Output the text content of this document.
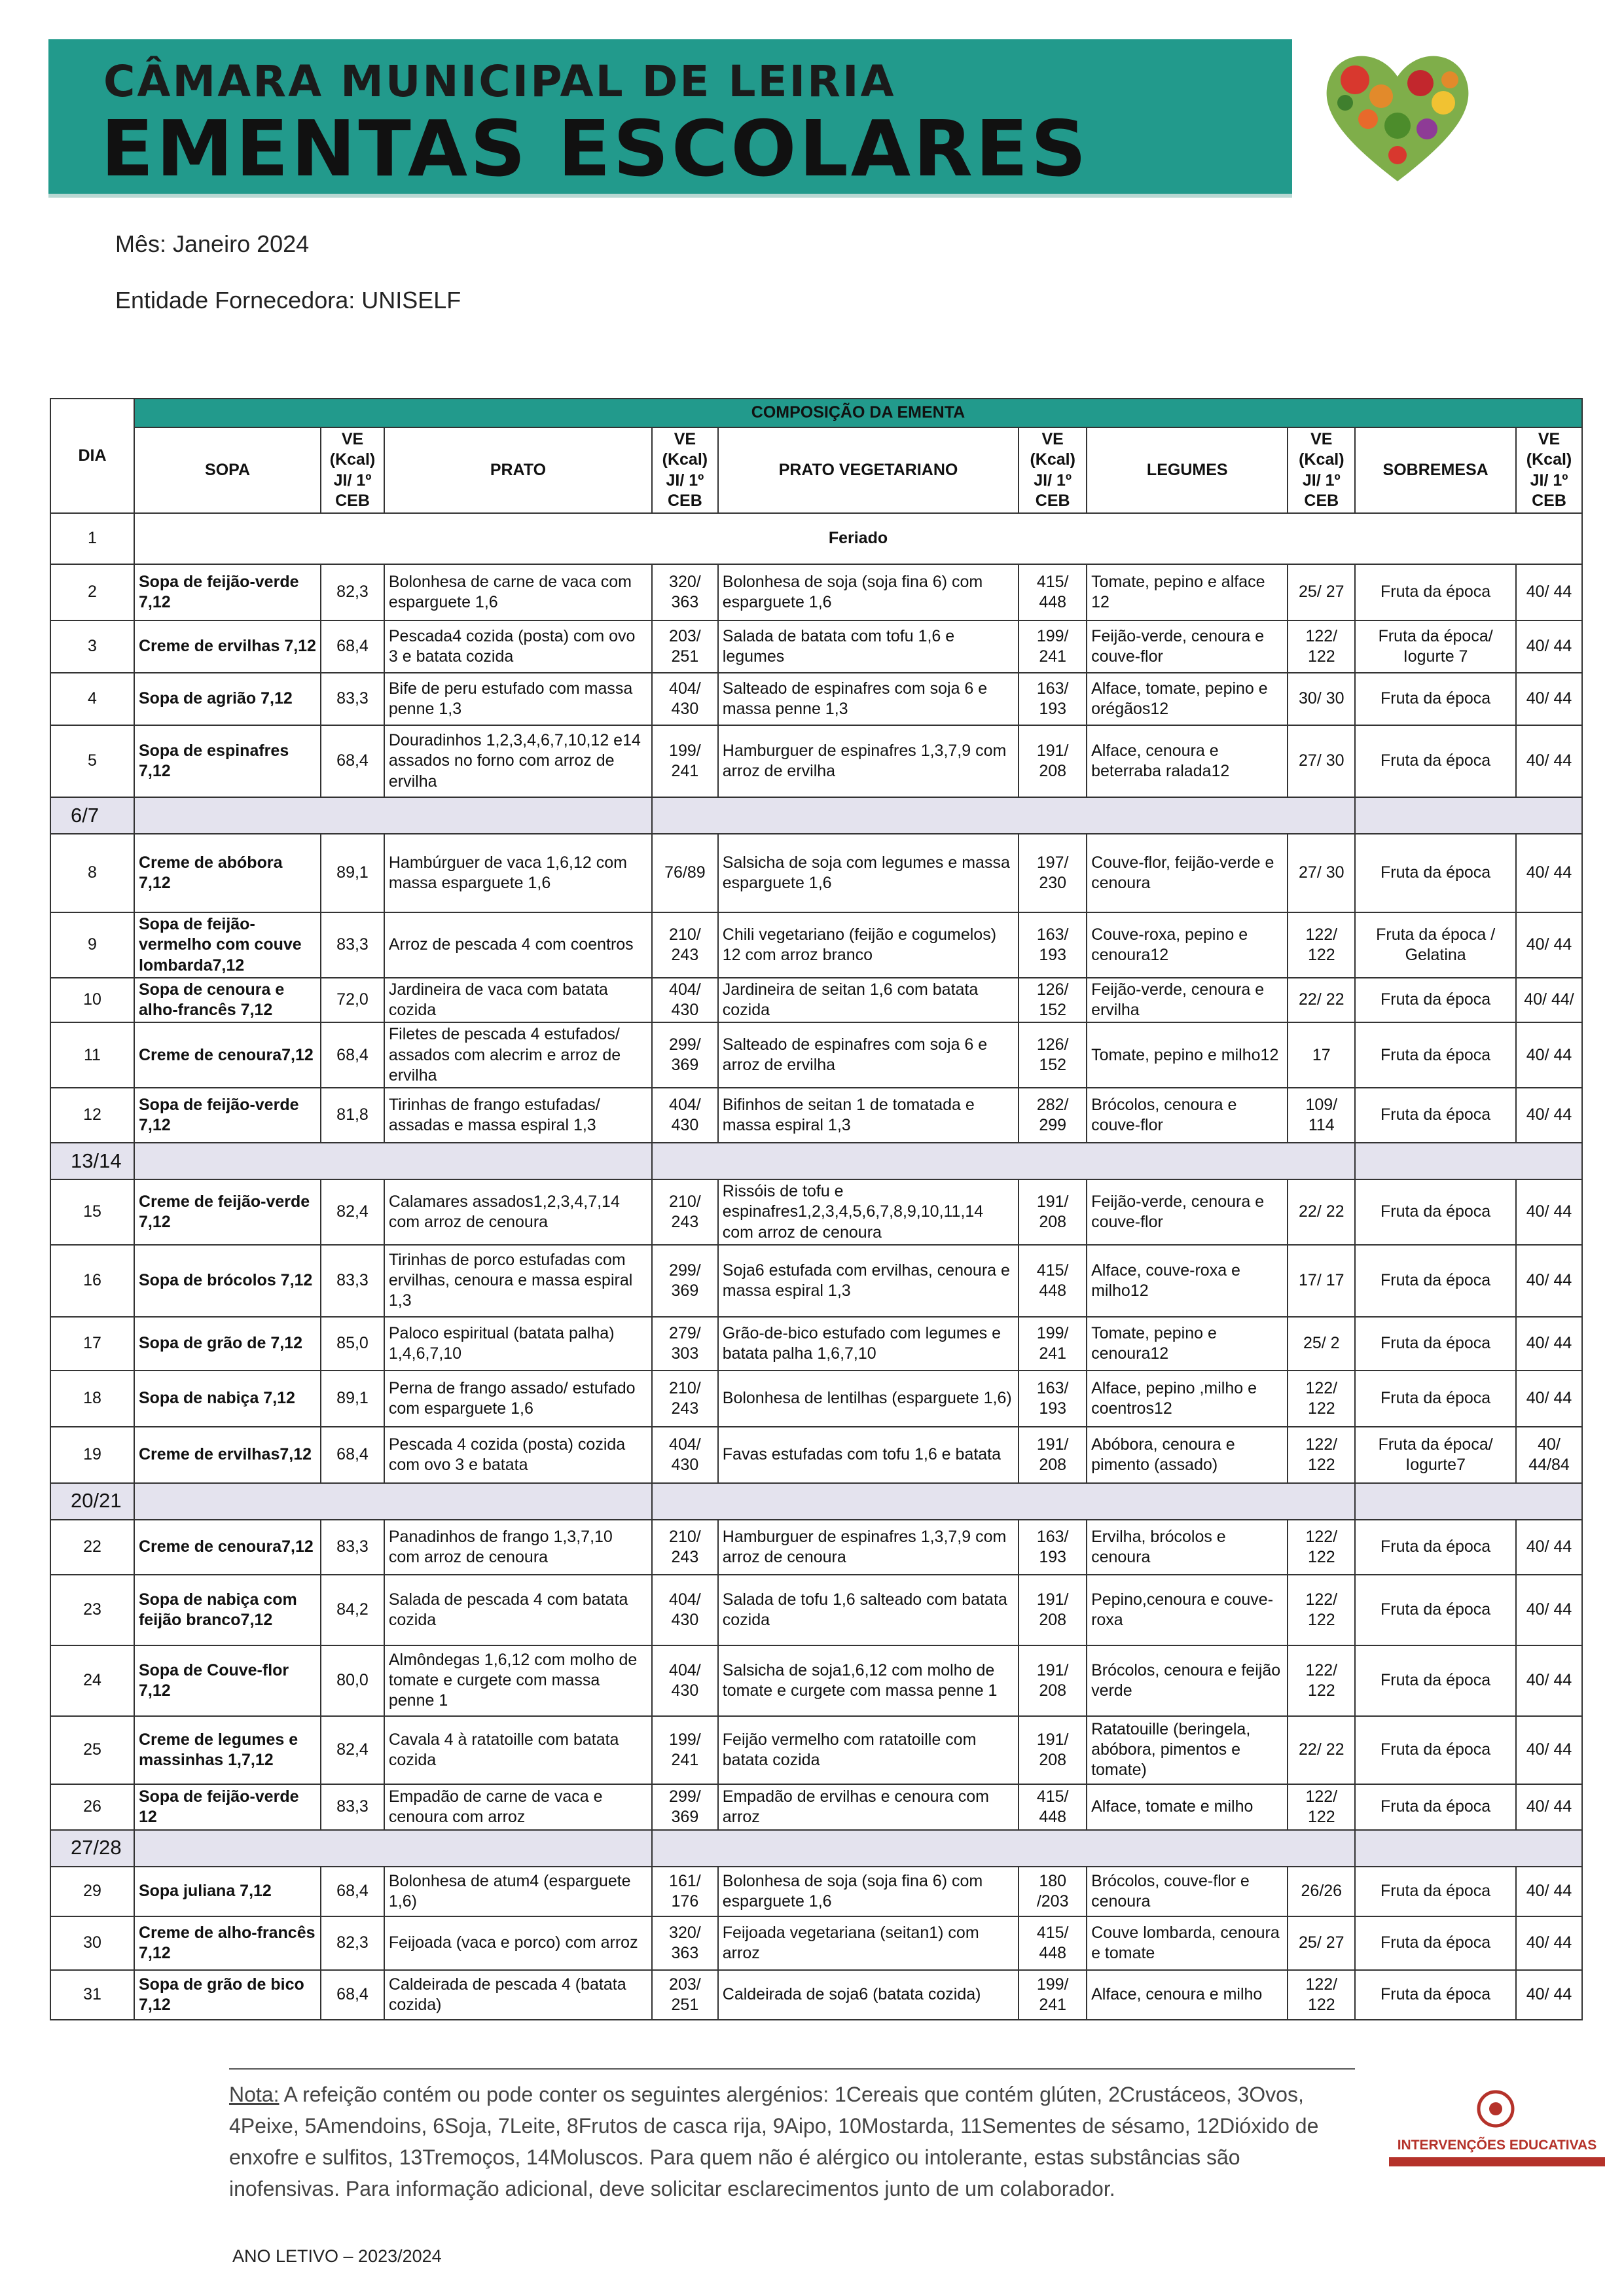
CÂMARA MUNICIPAL DE LEIRIA
EMENTAS ESCOLARES
Mês: Janeiro 2024
Entidade Fornecedora: UNISELF
DIA	COMPOSIÇÃO DA EMENTA									
	SOPA	VE (Kcal) JI/ 1º CEB	PRATO	VE (Kcal) JI/ 1º CEB	PRATO VEGETARIANO	VE (Kcal) JI/ 1º CEB	LEGUMES	VE (Kcal) JI/ 1º CEB	SOBREMESA	VE (Kcal) JI/ 1º CEB
1	Feriado									
2	Sopa de feijão-verde 7,12	82,3	Bolonhesa de carne de vaca com esparguete 1,6	320/ 363	Bolonhesa de soja (soja fina 6) com esparguete 1,6	415/ 448	Tomate, pepino e alface 12	25/ 27	Fruta da época	40/ 44
3	Creme de ervilhas 7,12	68,4	Pescada4 cozida (posta) com ovo 3 e batata cozida	203/ 251	Salada de batata com tofu 1,6 e legumes	199/ 241	Feijão-verde, cenoura e couve-flor	122/ 122	Fruta da época/ Iogurte 7	40/ 44
4	Sopa de agrião 7,12	83,3	Bife de peru estufado com massa penne 1,3	404/ 430	Salteado de espinafres com soja 6 e massa penne 1,3	163/ 193	Alface, tomate, pepino e orégãos12	30/ 30	Fruta da época	40/ 44
5	Sopa de espinafres 7,12	68,4	Douradinhos 1,2,3,4,6,7,10,12 e14 assados no forno com arroz de ervilha	199/ 241	Hamburguer de espinafres 1,3,7,9 com arroz de ervilha	191/ 208	Alface, cenoura e beterraba ralada12	27/ 30	Fruta da época	40/ 44
6/7										
8	Creme de abóbora 7,12	89,1	Hambúrguer de vaca 1,6,12 com massa esparguete 1,6	76/89	Salsicha de soja com legumes e massa esparguete 1,6	197/ 230	Couve-flor, feijão-verde e cenoura	27/ 30	Fruta da época	40/ 44
9	Sopa de feijão-vermelho com couve lombarda7,12	83,3	Arroz de pescada 4 com coentros	210/ 243	Chili vegetariano (feijão e cogumelos) 12 com arroz branco	163/ 193	Couve-roxa, pepino e cenoura12	122/ 122	Fruta da época / Gelatina	40/ 44
10	Sopa de cenoura e alho-francês 7,12	72,0	Jardineira de vaca com batata cozida	404/ 430	Jardineira de seitan 1,6 com batata cozida	126/ 152	Feijão-verde, cenoura e ervilha	22/ 22	Fruta da época	40/ 44/
11	Creme de cenoura7,12	68,4	Filetes de pescada 4 estufados/ assados com alecrim e arroz de ervilha	299/ 369	Salteado de espinafres com soja 6 e arroz de ervilha	126/ 152	Tomate, pepino e milho12	17	Fruta da época	40/ 44
12	Sopa de feijão-verde 7,12	81,8	Tirinhas de frango estufadas/ assadas e massa espiral 1,3	404/ 430	Bifinhos de seitan 1 de tomatada e massa espiral 1,3	282/ 299	Brócolos, cenoura e couve-flor	109/ 114	Fruta da época	40/ 44
13/14										
15	Creme de feijão-verde 7,12	82,4	Calamares assados1,2,3,4,7,14 com arroz de cenoura	210/ 243	Rissóis de tofu e espinafres1,2,3,4,5,6,7,8,9,10,11,14 com arroz de cenoura	191/ 208	Feijão-verde, cenoura e couve-flor	22/ 22	Fruta da época	40/ 44
16	Sopa de brócolos 7,12	83,3	Tirinhas de porco estufadas com ervilhas, cenoura e massa espiral 1,3	299/ 369	Soja6 estufada com ervilhas, cenoura e massa espiral 1,3	415/ 448	Alface, couve-roxa e milho12	17/ 17	Fruta da época	40/ 44
17	Sopa de grão de 7,12	85,0	Paloco espiritual (batata palha) 1,4,6,7,10	279/ 303	Grão-de-bico estufado com legumes e batata palha 1,6,7,10	199/ 241	Tomate, pepino e cenoura12	25/ 2	Fruta da época	40/ 44
18	Sopa de nabiça 7,12	89,1	Perna de frango assado/ estufado com esparguete 1,6	210/ 243	Bolonhesa de lentilhas (esparguete 1,6)	163/ 193	Alface, pepino ,milho e coentros12	122/ 122	Fruta da época	40/ 44
19	Creme de ervilhas7,12	68,4	Pescada 4 cozida (posta) cozida com ovo 3 e batata	404/ 430	Favas estufadas com tofu 1,6 e batata	191/ 208	Abóbora, cenoura e pimento (assado)	122/ 122	Fruta da época/ Iogurte7	40/ 44/84
20/21										
22	Creme de cenoura7,12	83,3	Panadinhos de frango 1,3,7,10 com arroz de cenoura	210/ 243	Hamburguer de espinafres 1,3,7,9 com arroz de cenoura	163/ 193	Ervilha, brócolos e cenoura	122/ 122	Fruta da época	40/ 44
23	Sopa de nabiça com feijão branco7,12	84,2	Salada de pescada 4 com batata cozida	404/ 430	Salada de tofu 1,6 salteado com batata cozida	191/ 208	Pepino,cenoura e couve-roxa	122/ 122	Fruta da época	40/ 44
24	Sopa de Couve-flor 7,12	80,0	Almôndegas 1,6,12 com molho de tomate e curgete com massa penne 1	404/ 430	Salsicha de soja1,6,12 com molho de tomate e curgete com massa penne 1	191/ 208	Brócolos, cenoura e feijão verde	122/ 122	Fruta da época	40/ 44
25	Creme de legumes e massinhas 1,7,12	82,4	Cavala 4 à ratatoille com batata cozida	199/ 241	Feijão vermelho com ratatoille com batata cozida	191/ 208	Ratatouille (beringela, abóbora, pimentos e tomate)	22/ 22	Fruta da época	40/ 44
26	Sopa de feijão-verde 12	83,3	Empadão de carne de vaca e cenoura com arroz	299/ 369	Empadão de ervilhas e cenoura com arroz	415/ 448	Alface, tomate e milho	122/ 122	Fruta da época	40/ 44
27/28										
29	Sopa juliana 7,12	68,4	Bolonhesa de atum4 (esparguete 1,6)	161/ 176	Bolonhesa de soja (soja fina 6) com esparguete 1,6	180 /203	Brócolos, couve-flor e cenoura	26/26	Fruta da época	40/ 44
30	Creme de alho-francês 7,12	82,3	Feijoada (vaca e porco) com arroz	320/ 363	Feijoada vegetariana (seitan1) com arroz	415/ 448	Couve lombarda, cenoura e tomate	25/ 27	Fruta da época	40/ 44
31	Sopa de grão de bico 7,12	68,4	Caldeirada de pescada 4 (batata cozida)	203/ 251	Caldeirada de soja6 (batata cozida)	199/ 241	Alface, cenoura e milho	122/ 122	Fruta da época	40/ 44
Nota: A refeição contém ou pode conter os seguintes alergénios: 1Cereais que contém glúten, 2Crustáceos, 3Ovos, 4Peixe, 5Amendoins, 6Soja, 7Leite, 8Frutos de casca rija, 9Aipo, 10Mostarda, 11Sementes de sésamo, 12Dióxido de enxofre e sulfitos, 13Tremoços, 14Moluscos. Para quem não é alérgico ou intolerante, estas substâncias são inofensivas. Para informação adicional, deve solicitar esclarecimentos junto de um colaborador.
INTERVENÇÕES EDUCATIVAS
ANO LETIVO – 2023/2024
